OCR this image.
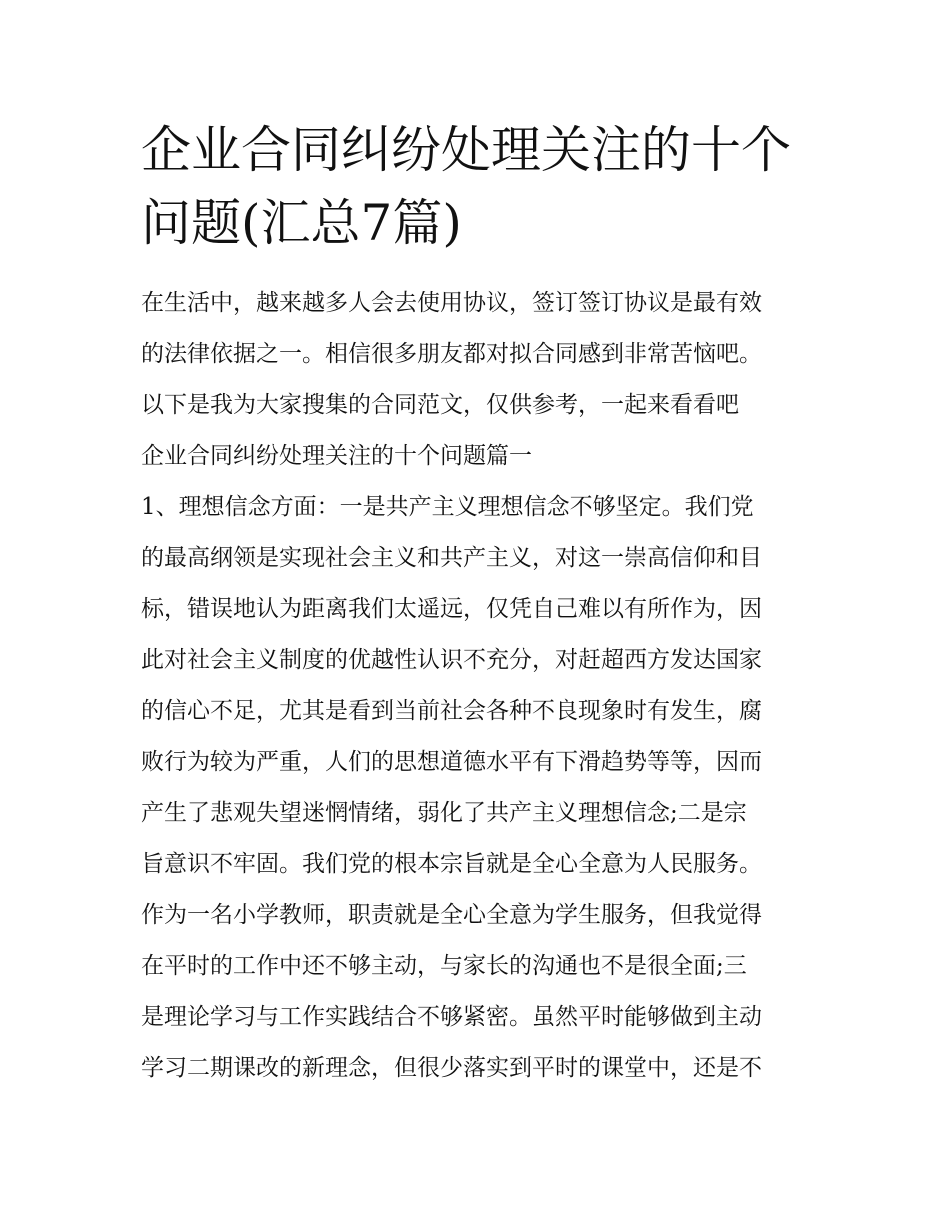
企业合同纠纷处理关注的十个
问题(汇总7篇)
在生活中，越来越多人会去使用协议，签订签订协议是最有效
的法律依据之一。相信很多朋友都对拟合同感到非常苦恼吧。
以下是我为大家搜集的合同范文，仅供参考，一起来看看吧
企业合同纠纷处理关注的十个问题篇一
1、理想信念方面：一是共产主义理想信念不够坚定。我们党
的最高纲领是实现社会主义和共产主义，对这一崇高信仰和目
标，错误地认为距离我们太遥远，仅凭自己难以有所作为，因
此对社会主义制度的优越性认识不充分，对赶超西方发达国家
的信心不足，尤其是看到当前社会各种不良现象时有发生，腐
败行为较为严重，人们的思想道德水平有下滑趋势等等，因而
产生了悲观失望迷惘情绪，弱化了共产主义理想信念;二是宗
旨意识不牢固。我们党的根本宗旨就是全心全意为人民服务。
作为一名小学教师，职责就是全心全意为学生服务，但我觉得
在平时的工作中还不够主动，与家长的沟通也不是很全面;三
是理论学习与工作实践结合不够紧密。虽然平时能够做到主动
学习二期课改的新理念，但很少落实到平时的课堂中，还是不
